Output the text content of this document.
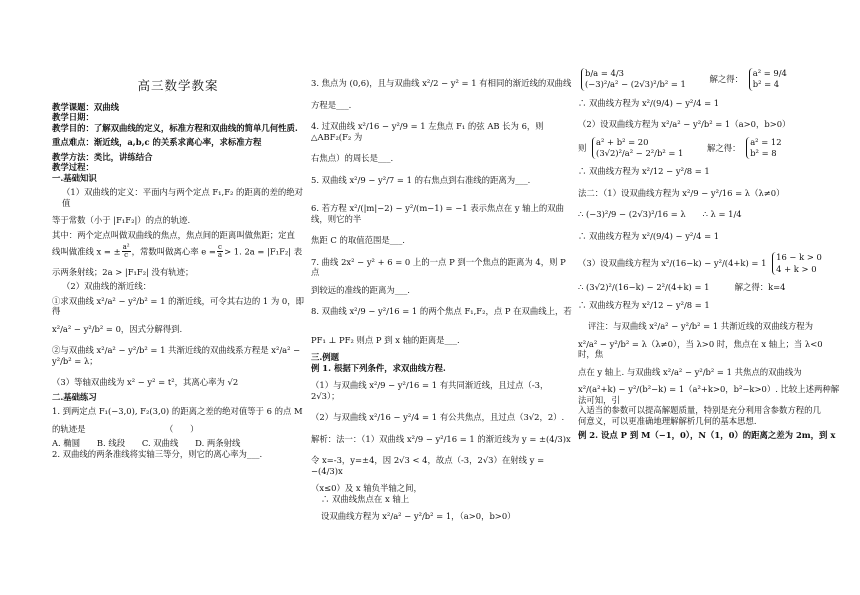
高三数学教案

教学课题：双曲线

教学日期：

教学目的：了解双曲线的定义，标准方程和双曲线的简单几何性质.

重点难点：渐近线，a,b,c 的关系求离心率，求标准方程

教学方法：类比，讲练结合

教学过程：

一.基础知识

（1）双曲线的定义：平面内与两个定点 F₁,F₂ 的距离的差的绝对值

等于常数（小于 |F₁F₂|）的点的轨迹.

其中：两个定点叫做双曲线的焦点，焦点间的距离叫做焦距；定直

线叫做准线 x = ± $\frac{\text{a²}}{c}$ ，常数叫做离心率 $e = \frac{c}{a} > 1$. 2a = |F₁F₂| 表

示两条射线；2a > |F₁F₂| 没有轨迹；

（2）双曲线的渐近线：

①求双曲线 x²/a² − y²/b² = 1 的渐近线，可令其右边的 1 为 0，即得

x²/a² − y²/b² = 0，因式分解得到.

②与双曲线 x²/a² − y²/b² = 1 共渐近线的双曲线系方程是 x²/a² − y²/b² = λ；

（3）等轴双曲线为 x² − y² = t²，其离心率为 √2

二.基础练习

1. 到两定点 F₁(−3,0), F₂(3,0) 的距离之差的绝对值等于 6 的点 M

的轨迹是　　　　　　　　　　（　　）

A. 椭圆　　B. 线段　　C. 双曲线　　D. 两条射线

2. 双曲线的两条准线将实轴三等分，则它的离心率为___.

3. 焦点为 (0,6)，且与双曲线 x²/2 − y² = 1 有相同的渐近线的双曲线

方程是___.

4. 过双曲线 x²/16 − y²/9 = 1 左焦点 F₁ 的弦 AB 长为 6，则 △ABF₂(F₂ 为

右焦点）的周长是___.

5. 双曲线 x²/9 − y²/7 = 1 的右焦点到右准线的距离为___.

6. 若方程 x²/(|m|−2) − y²/(m−1) = −1 表示焦点在 y 轴上的双曲线，则它的半

焦距 C 的取值范围是___.

7. 曲线 2x² − y² + 6 = 0 上的一点 P 到一个焦点的距离为 4，则 P 点

到较远的准线的距离为___.

8. 双曲线 x²/9 − y²/16 = 1 的两个焦点 F₁,F₂，点 P 在双曲线上，若

PF₁ ⊥ PF₂ 则点 P 到 x 轴的距离是___.

三.例题

例 1. 根据下列条件，求双曲线方程.

（1）与双曲线 x²/9 − y²/16 = 1 有共同渐近线，且过点（-3，2√3）；

（2）与双曲线 x²/16 − y²/4 = 1 有公共焦点，且过点（3√2，2）.

解析：法一：（1）双曲线 x²/9 − y²/16 = 1 的渐近线为 y = ±(4/3)x

令 x=-3，y=±4，因 2√3 < 4，故点（-3，2√3）在射线 y = −(4/3)x

（x≤0）及 x 轴负半轴之间，

∴ 双曲线焦点在 x 轴上

设双曲线方程为 x²/a² − y²/b² = 1，（a>0，b>0）

b/a = 4/3
(−3)²/a² − (2√3)²/b² = 1
解之得：
a² = 9/4
b² = 4

∴ 双曲线方程为 x²/(9/4) − y²/4 = 1

（2）设双曲线方程为 x²/a² − y²/b² = 1（a>0，b>0）

则
a² + b² = 20
(3√2)²/a² − 2²/b² = 1
解之得：
a² = 12
b² = 8

∴ 双曲线方程为 x²/12 − y²/8 = 1

法二：（1）设双曲线方程为 x²/9 − y²/16 = λ（λ≠0）

∴ (−3)²/9 − (2√3)²/16 = λ　　∴ λ = 1/4

∴ 双曲线方程为 x²/(9/4) − y²/4 = 1

（3）设双曲线方程为 x²/(16−k) − y²/(4+k) = 1
16 − k > 0
4 + k > 0

∴ (3√2)²/(16−k) − 2²/(4+k) = 1　　　解之得：k=4

∴ 双曲线方程为 x²/12 − y²/8 = 1

评注：与双曲线 x²/a² − y²/b² = 1 共渐近线的双曲线方程为

x²/a² − y²/b² = λ（λ≠0），当 λ>0 时，焦点在 x 轴上；当 λ<0 时，焦

点在 y 轴上. 与双曲线 x²/a² − y²/b² = 1 共焦点的双曲线为

x²/(a²+k) − y²/(b²−k) = 1（a²+k>0，b²−k>0）. 比较上述两种解法可知，引

入适当的参数可以提高解题质量，特别是充分利用含参数方程的几

何意义，可以更准确地理解解析几何的基本思想.

例 2. 设点 P 到 M（−1，0），N（1，0）的距离之差为 2m，到 x
